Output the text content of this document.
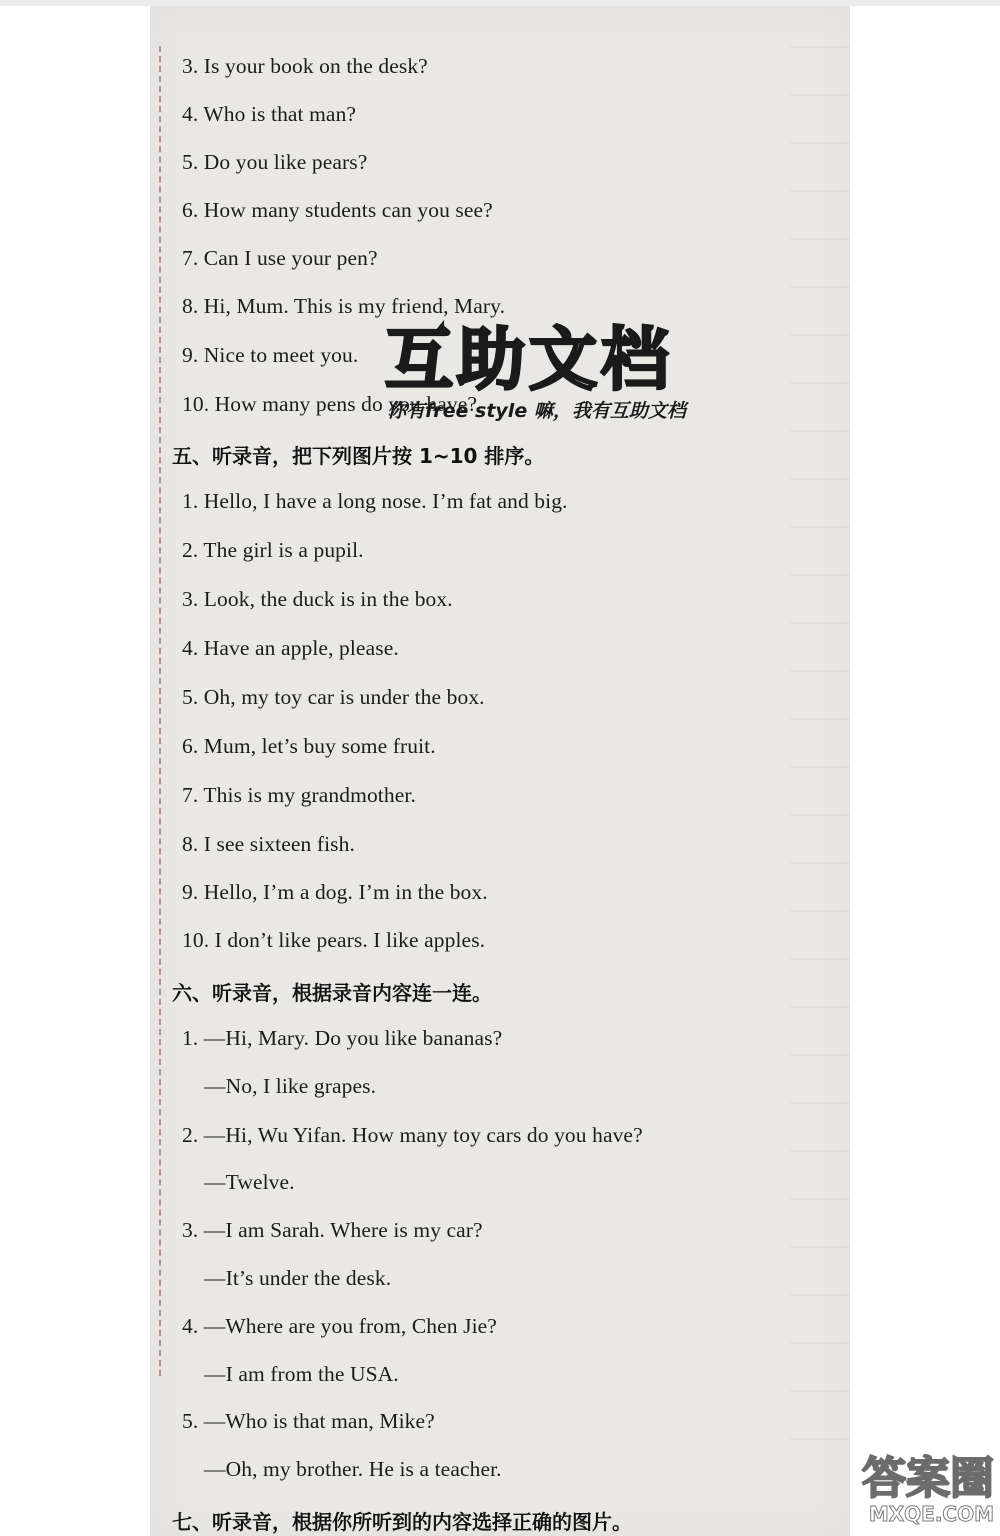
3. Is your book on the desk?
4. Who is that man?
5. Do you like pears?
6. How many students can you see?
7. Can I use your pen?
8. Hi, Mum. This is my friend, Mary.
9. Nice to meet you.
10. How many pens do you have?
五、听录音，把下列图片按 1~10 排序。
1. Hello, I have a long nose. I’m fat and big.
2. The girl is a pupil.
3. Look, the duck is in the box.
4. Have an apple, please.
5. Oh, my toy car is under the box.
6. Mum, let’s buy some fruit.
7. This is my grandmother.
8. I see sixteen fish.
9. Hello, I’m a dog. I’m in the box.
10. I don’t like pears. I like apples.
六、听录音，根据录音内容连一连。
1. —Hi, Mary. Do you like bananas?
—No, I like grapes.
2. —Hi, Wu Yifan. How many toy cars do you have?
—Twelve.
3. —I am Sarah. Where is my car?
—It’s under the desk.
4. —Where are you from, Chen Jie?
—I am from the USA.
5. —Who is that man, Mike?
—Oh, my brother. He is a teacher.
七、听录音，根据你所听到的内容选择正确的图片。
互助文档
你有free style 嘛，我有互助文档
答案圈
MXQE.COM
